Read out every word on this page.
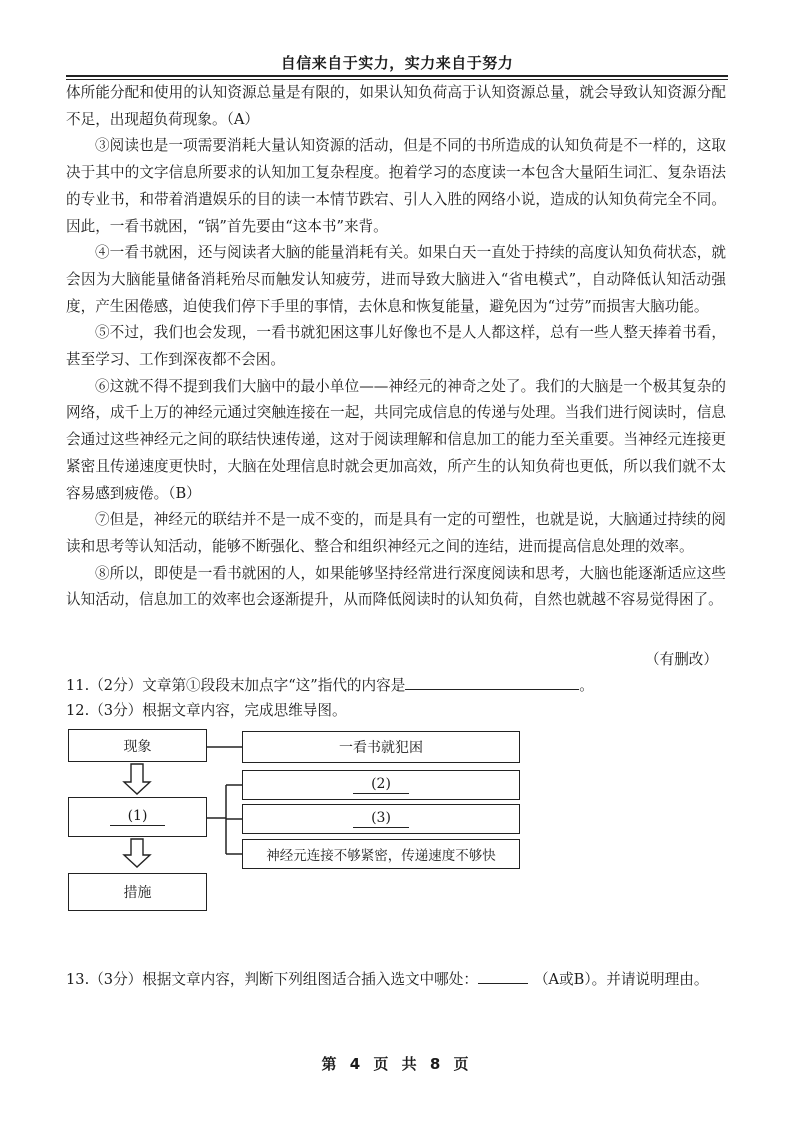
自信来自于实力，实力来自于努力

体所能分配和使用的认知资源总量是有限的，如果认知负荷高于认知资源总量，就会导致认知资源分配不足，出现超负荷现象。（A）

③阅读也是一项需要消耗大量认知资源的活动，但是不同的书所造成的认知负荷是不一样的，这取决于其中的文字信息所要求的认知加工复杂程度。抱着学习的态度读一本包含大量陌生词汇、复杂语法的专业书，和带着消遣娱乐的目的读一本情节跌宕、引人入胜的网络小说，造成的认知负荷完全不同。因此，一看书就困，“锅”首先要由“这本书”来背。

④一看书就困，还与阅读者大脑的能量消耗有关。如果白天一直处于持续的高度认知负荷状态，就会因为大脑能量储备消耗殆尽而触发认知疲劳，进而导致大脑进入“省电模式”，自动降低认知活动强度，产生困倦感，迫使我们停下手里的事情，去休息和恢复能量，避免因为“过劳”而损害大脑功能。

⑤不过，我们也会发现，一看书就犯困这事儿好像也不是人人都这样，总有一些人整天捧着书看，甚至学习、工作到深夜都不会困。

⑥这就不得不提到我们大脑中的最小单位——神经元的神奇之处了。我们的大脑是一个极其复杂的网络，成千上万的神经元通过突触连接在一起，共同完成信息的传递与处理。当我们进行阅读时，信息会通过这些神经元之间的联结快速传递，这对于阅读理解和信息加工的能力至关重要。当神经元连接更紧密且传递速度更快时，大脑在处理信息时就会更加高效，所产生的认知负荷也更低，所以我们就不太容易感到疲倦。（B）

⑦但是，神经元的联结并不是一成不变的，而是具有一定的可塑性，也就是说，大脑通过持续的阅读和思考等认知活动，能够不断强化、整合和组织神经元之间的连结，进而提高信息处理的效率。

⑧所以，即使是一看书就困的人，如果能够坚持经常进行深度阅读和思考，大脑也能逐渐适应这些认知活动，信息加工的效率也会逐渐提升，从而降低阅读时的认知负荷，自然也就越不容易觉得困了。

（有删改）
11.（2分）文章第①段段末加点字“这”指代的内容是	。
12.（3分）根据文章内容，完成思维导图。
现象	一看书就犯困
(1)
(2)
(3)
神经元连接不够紧密，传递速度不够快
措施
13.（3分）根据文章内容，判断下列组图适合插入选文中哪处：	（A或B）。并请说明理由。
第 4 页 共 8 页
